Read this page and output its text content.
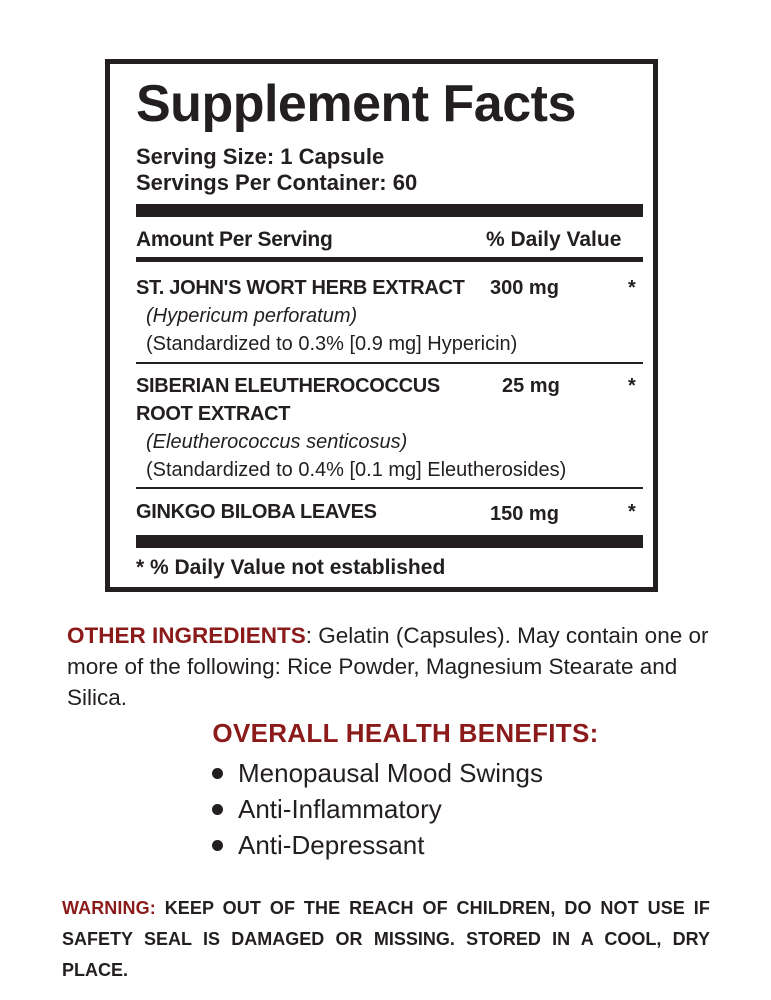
Supplement Facts
Serving Size: 1 Capsule
Servings Per Container: 60
Amount Per Serving	% Daily Value
ST. JOHN'S WORT HERB EXTRACT 300 mg	*
(Hypericum perforatum)
(Standardized to 0.3% [0.9 mg] Hypericin)
SIBERIAN ELEUTHEROCOCCUS	25 mg	*
ROOT EXTRACT
(Eleutherococcus senticosus)
(Standardized to 0.4% [0.1 mg] Eleutherosides)
GINKGO BILOBA LEAVES	150 mg	*
* % Daily Value not established

OTHER INGREDIENTS: Gelatin (Capsules). May contain one or more of the following: Rice Powder, Magnesium Stearate and Silica.

OVERALL HEALTH BENEFITS:
Menopausal Mood Swings
Anti-Inflammatory
Anti-Depressant

WARNING: KEEP OUT OF THE REACH OF CHILDREN, DO NOT USE IF

SAFETY SEAL IS DAMAGED OR MISSING. STORED IN A COOL, DRY PLACE.
